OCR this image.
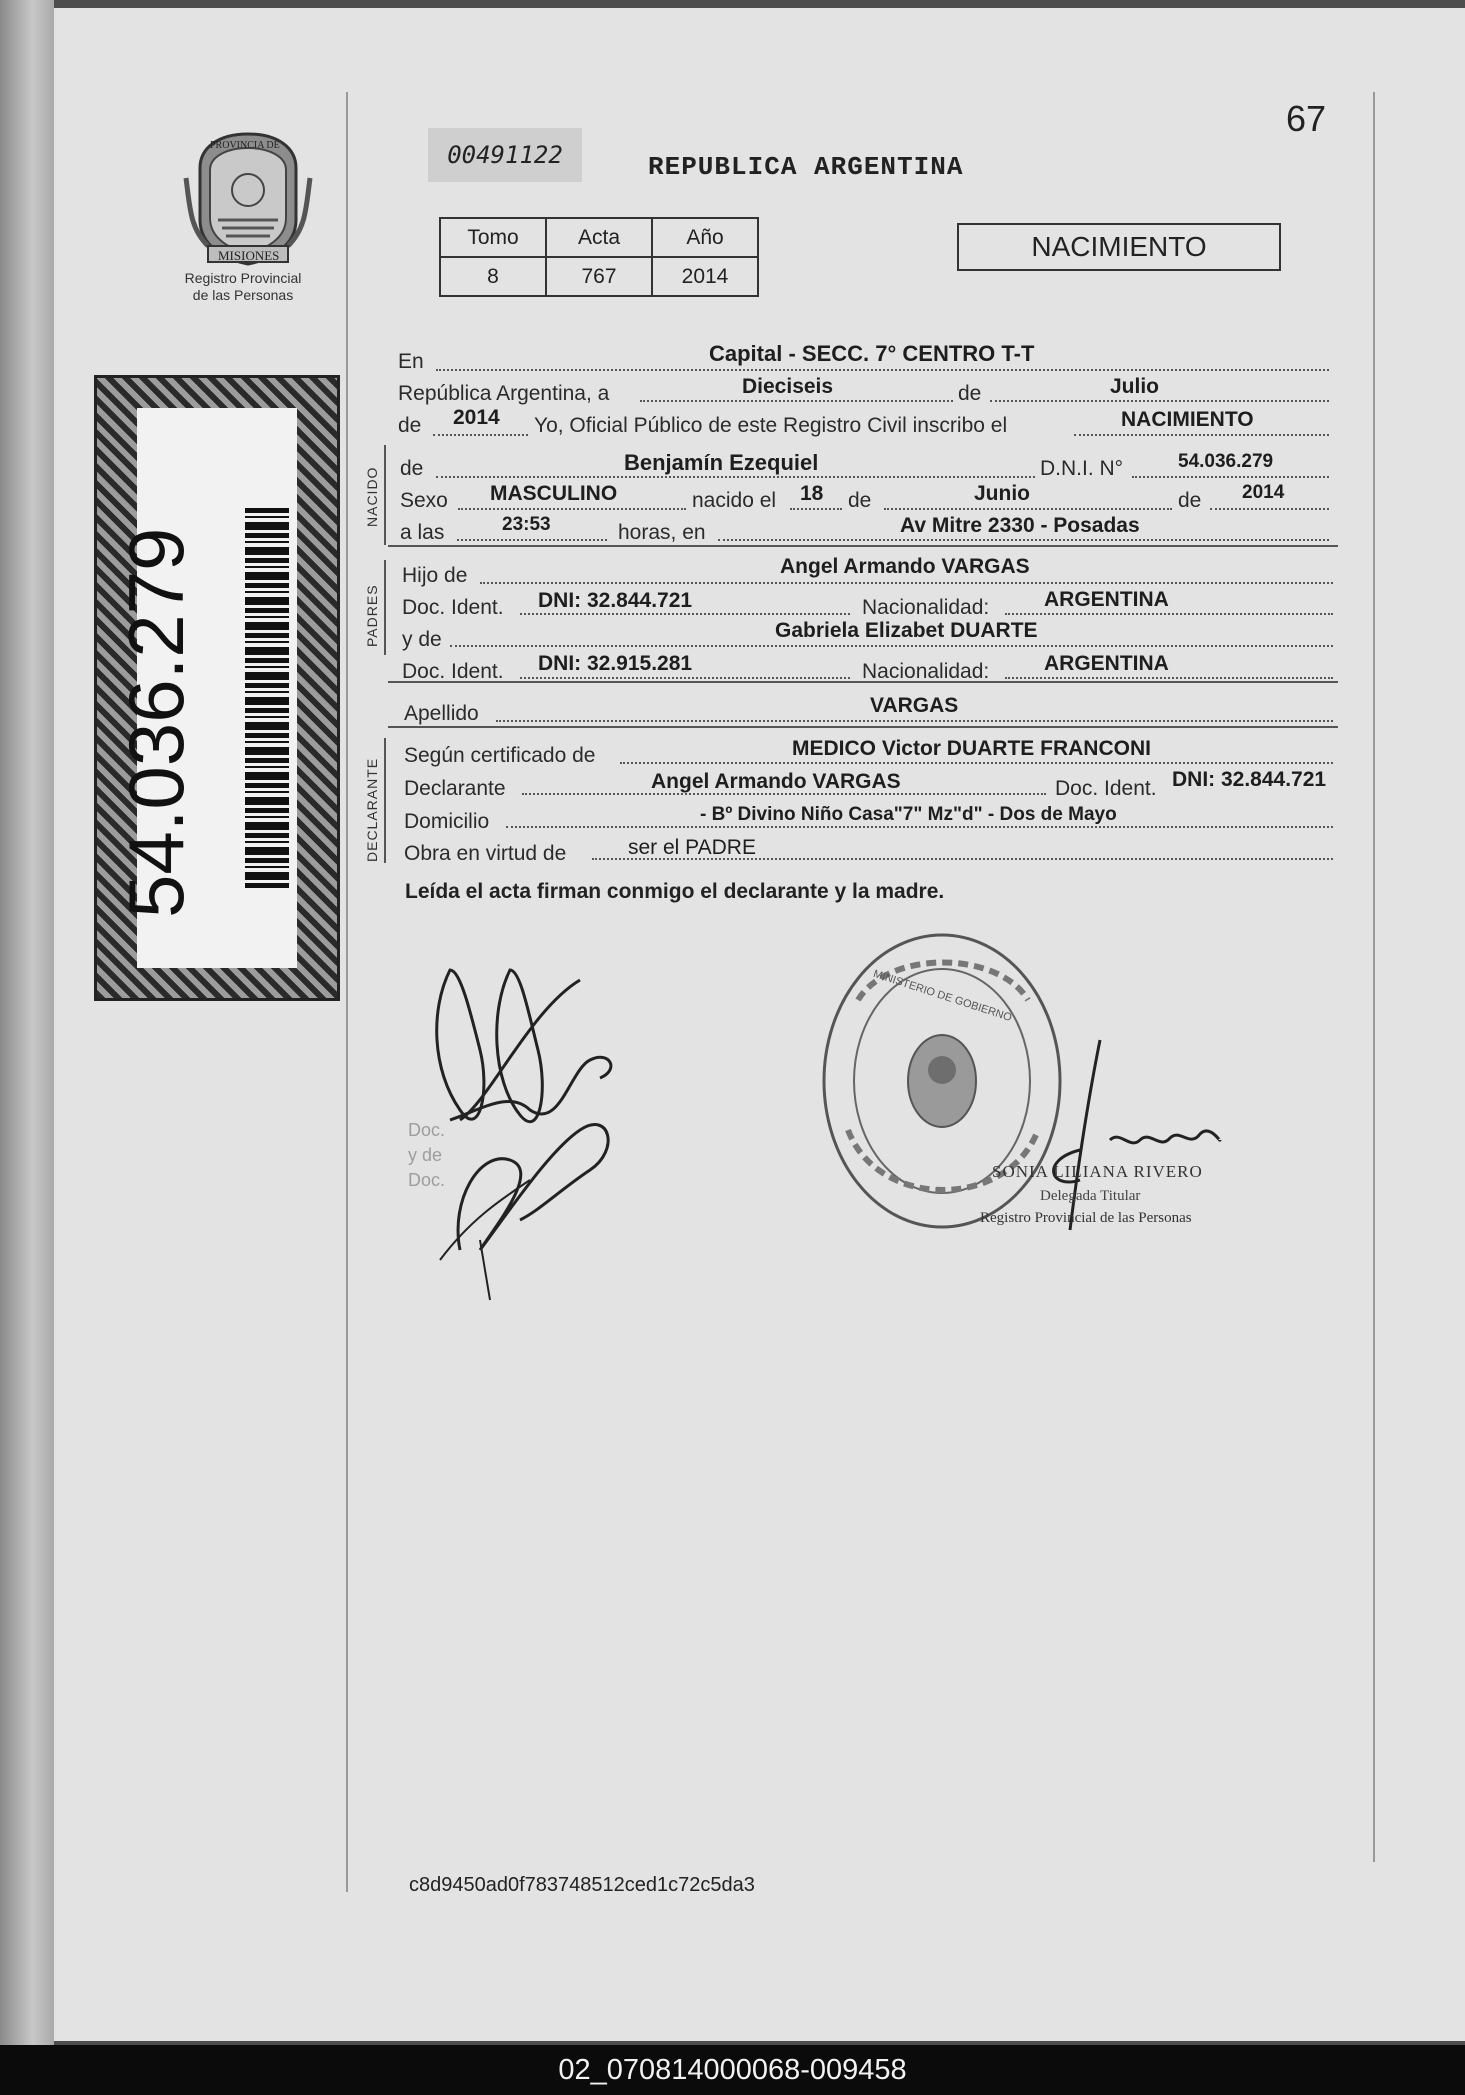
PROVINCIA DE
MISIONES
Registro Provincial
de las Personas
54.036.279
00491122	REPUBLICA ARGENTINA
67
Tomo	Acta	Año
8	767	2014
NACIMIENTO
En	Capital - SECC. 7° CENTRO T-T
República Argentina, a	Dieciseis	de	Julio
de 2014 Yo, Oficial Público de este Registro Civil inscribo el	NACIMIENTO
NACIDO de	Benjamín Ezequiel	D.N.I. N°	54.036.279
Sexo MASCULINO	nacido el 18 de	Junio	de 2014
a las	23:53	horas, en	Av Mitre 2330 - Posadas
PADRES
Hijo de	Angel Armando VARGAS
Doc. Ident. DNI: 32.844.721	Nacionalidad:	ARGENTINA
y de	Gabriela Elizabet DUARTE
Doc. Ident. DNI: 32.915.281	Nacionalidad:	ARGENTINA
Apellido	VARGAS
DECLARANTE
Según certificado de	MEDICO Victor DUARTE FRANCONI
Declarante	Angel Armando VARGAS	Doc. Ident. DNI: 32.844.721
Domicilio	- Bº Divino Niño Casa"7" Mz"d" - Dos de Mayo
Obra en virtud de	ser el PADRE
Leída el acta firman conmigo el declarante y la madre.
Doc.
y de
Doc.
MINISTERIO DE GOBIERNO
SONIA LILIANA RIVERO
Delegada Titular
Registro Provincial de las Personas
c8d9450ad0f783748512ced1c72c5da3
02_070814000068-009458
